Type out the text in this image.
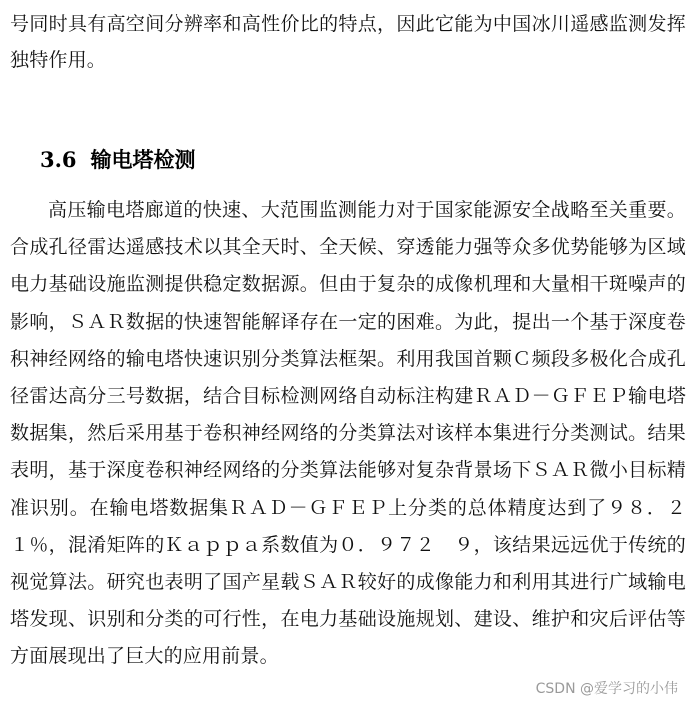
号同时具有高空间分辨率和高性价比的特点，因此它能为中国冰川遥感监测发挥独特作用。

3.6 输电塔检测

高压输电塔廊道的快速、大范围监测能力对于国家能源安全战略至关重要。合成孔径雷达遥感技术以其全天时、全天候、穿透能力强等众多优势能够为区域电力基础设施监测提供稳定数据源。但由于复杂的成像机理和大量相干斑噪声的影响，ＳＡＲ数据的快速智能解译存在一定的困难。为此，提出一个基于深度卷积神经网络的输电塔快速识别分类算法框架。利用我国首颗Ｃ频段多极化合成孔径雷达高分三号数据，结合目标检测网络自动标注构建ＲＡＤ－ＧＦＥＰ输电塔数据集，然后采用基于卷积神经网络的分类算法对该样本集进行分类测试。结果表明，基于深度卷积神经网络的分类算法能够对复杂背景场下ＳＡＲ微小目标精准识别。在输电塔数据集ＲＡＤ－ＧＦＥＰ上分类的总体精度达到了９８．２１％，混淆矩阵的Ｋａｐｐａ系数值为０．９７２　９，该结果远远优于传统的视觉算法。研究也表明了国产星载ＳＡＲ较好的成像能力和利用其进行广域输电塔发现、识别和分类的可行性，在电力基础设施规划、建设、维护和灾后评估等方面展现出了巨大的应用前景。

CSDN @爱学习的小伟
